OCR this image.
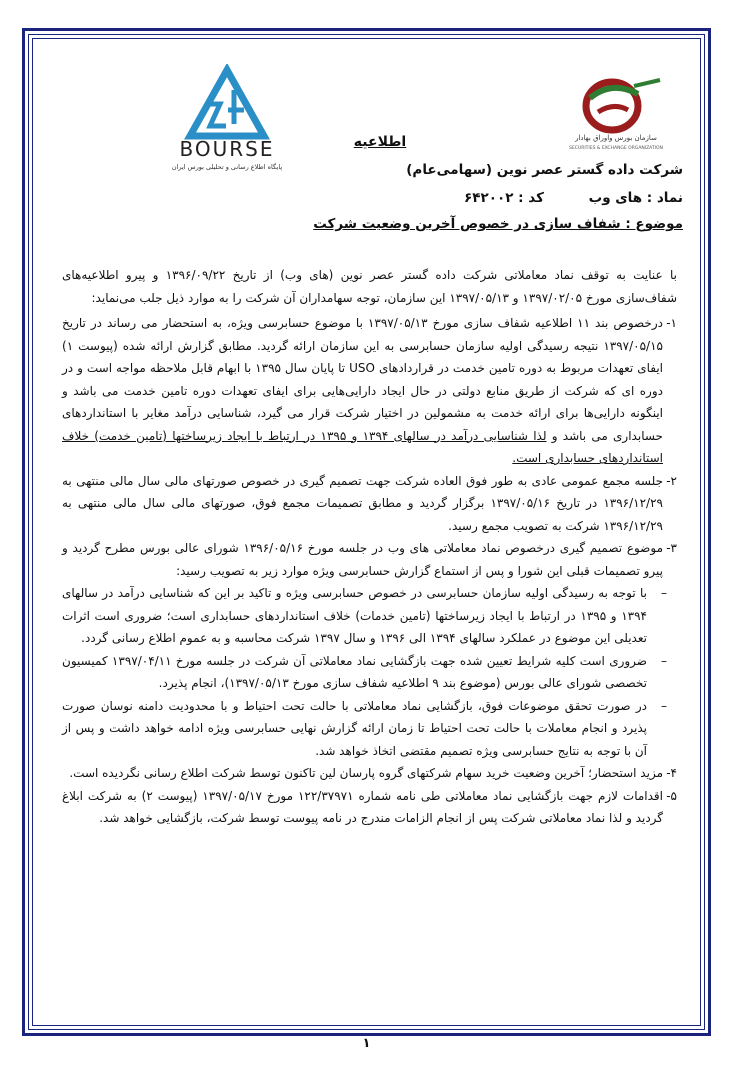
سازمان بورس واوراق بهادار
SECURITIES & EXCHANGE ORGANIZATION
BOURSE
پایگاه اطلاع رسانی و تحلیلی بورس ایران
اطلاعیه
شرکت داده گستر عصر نوین (سهامی‌عام)
نماد : های وب کد : ۶۴۲۰۰۲
موضوع : شفاف سازی در خصوص آخرین وضعیت شرکت

با عنایت به توقف نماد معاملاتی شرکت داده گستر عصر نوین (های وب) از تاریخ ۱۳۹۶/۰۹/۲۲ و پیرو اطلاعیه‌های شفاف‌سازی مورخ ۱۳۹۷/۰۲/۰۵ و ۱۳۹۷/۰۵/۱۳ این سازمان، توجه سهامداران آن شرکت را به موارد ذیل جلب می‌نماید:

۱-
درخصوص بند ۱۱ اطلاعیه شفاف سازی مورخ ۱۳۹۷/۰۵/۱۳ با موضوع حسابرسی ویژه، به استحضار می رساند در تاریخ ۱۳۹۷/۰۵/۱۵ نتیجه رسیدگی اولیه سازمان حسابرسی به این سازمان ارائه گردید. مطابق گزارش ارائه شده (پیوست ۱) ایفای تعهدات مربوط به دوره تامین خدمت در قراردادهای USO تا پایان سال ۱۳۹۵ با ابهام قابل ملاحظه مواجه است و در دوره ای که شرکت از طریق منابع دولتی در حال ایجاد دارایی‌هایی برای ایفای تعهدات دوره تامین خدمت می باشد و اینگونه دارایی‌ها برای ارائه خدمت به مشمولین در اختیار شرکت قرار می گیرد، شناسایی درآمد مغایر با استانداردهای حسابداری می باشد و لذا شناسایی درآمد در سالهای ۱۳۹۴ و ۱۳۹۵ در ارتباط با ایجاد زیرساختها (تامین خدمت) خلاف استانداردهای حسابداری است.
۲-
جلسه مجمع عمومی عادی به طور فوق العاده شرکت جهت تصمیم گیری در خصوص صورتهای مالی سال مالی منتهی به ۱۳۹۶/۱۲/۲۹ در تاریخ ۱۳۹۷/۰۵/۱۶ برگزار گردید و مطابق تصمیمات مجمع فوق، صورتهای مالی سال مالی منتهی به ۱۳۹۶/۱۲/۲۹ شرکت به تصویب مجمع رسید.
۳-
موضوع تصمیم گیری درخصوص نماد معاملاتی های وب در جلسه مورخ ۱۳۹۶/۰۵/۱۶ شورای عالی بورس مطرح گردید و پیرو تصمیمات قبلی این شورا و پس از استماع گزارش حسابرسی ویژه موارد زیر به تصویب رسید:
–
با توجه به رسیدگی اولیه سازمان حسابرسی در خصوص حسابرسی ویژه و تاکید بر این که شناسایی درآمد در سالهای ۱۳۹۴ و ۱۳۹۵ در ارتباط با ایجاد زیرساختها (تامین خدمات) خلاف استانداردهای حسابداری است؛ ضروری است اثرات تعدیلی این موضوع در عملکرد سالهای ۱۳۹۴ الی ۱۳۹۶ و سال ۱۳۹۷ شرکت محاسبه و به عموم اطلاع رسانی گردد.
–
ضروری است کلیه شرایط تعیین شده جهت بازگشایی نماد معاملاتی آن شرکت در جلسه مورخ ۱۳۹۷/۰۴/۱۱ کمیسیون تخصصی شورای عالی بورس (موضوع بند ۹ اطلاعیه شفاف سازی مورخ ۱۳۹۷/۰۵/۱۳)، انجام پذیرد.
–
در صورت تحقق موضوعات فوق، بازگشایی نماد معاملاتی با حالت تحت احتیاط و با محدودیت دامنه نوسان صورت پذیرد و انجام معاملات با حالت تحت احتیاط تا زمان ارائه گزارش نهایی حسابرسی ویژه ادامه خواهد داشت و پس از آن با توجه به نتایج حسابرسی ویژه تصمیم مقتضی اتخاذ خواهد شد.
۴-
مزید استحضار؛ آخرین وضعیت خرید سهام شرکتهای گروه پارسان لین تاکنون توسط شرکت اطلاع رسانی نگردیده است.
۵-
اقدامات لازم جهت بازگشایی نماد معاملاتی طی نامه شماره ۱۲۲/۳۷۹۷۱ مورخ ۱۳۹۷/۰۵/۱۷ (پیوست ۲) به شرکت ابلاغ گردید و لذا نماد معاملاتی شرکت پس از انجام الزامات مندرج در نامه پیوست توسط شرکت، بازگشایی خواهد شد.
۱
